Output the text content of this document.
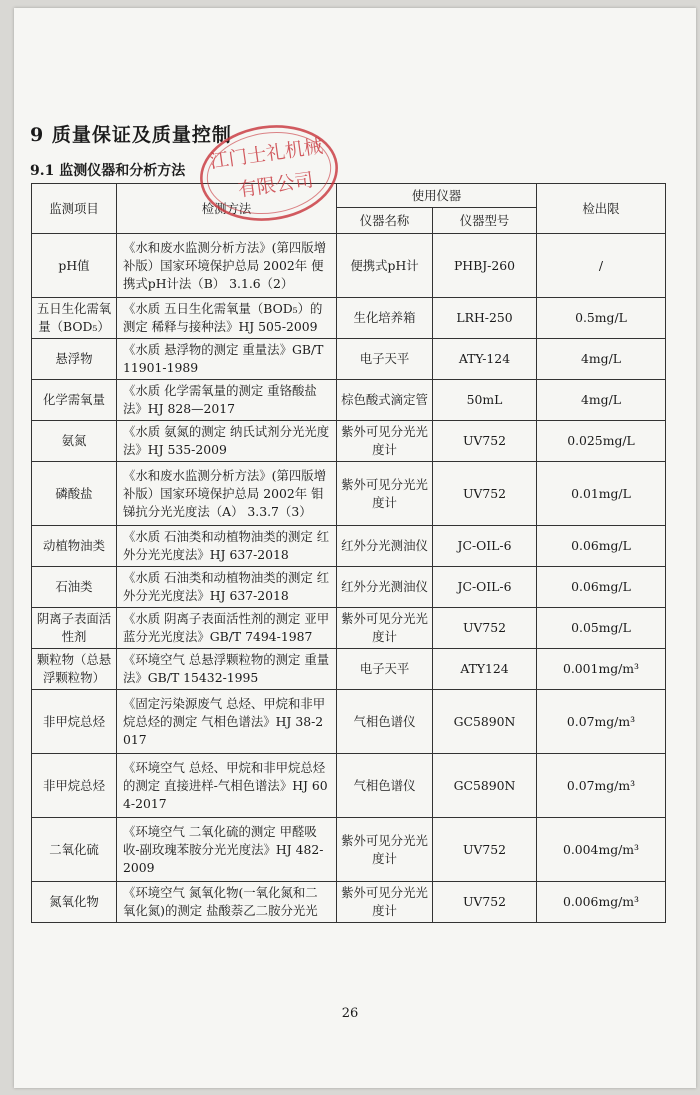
9 质量保证及质量控制
9.1 监测仪器和分析方法
监测项目	检测方法	使用仪器		检出限
		仪器名称	仪器型号	
pH值	《水和废水监测分析方法》(第四版增补版）国家环境保护总局 2002年 便携式pH计法（B） 3.1.6（2）	便携式pH计	PHBJ-260	/
五日生化需氧量（BOD₅）	《水质 五日生化需氧量（BOD₅）的测定 稀释与接种法》HJ 505-2009	生化培养箱	LRH-250	0.5mg/L
悬浮物	《水质 悬浮物的测定 重量法》GB/T 11901-1989	电子天平	ATY-124	4mg/L
化学需氧量	《水质 化学需氧量的测定 重铬酸盐法》HJ 828—2017	棕色酸式滴定管	50mL	4mg/L
氨氮	《水质 氨氮的测定 纳氏试剂分光光度法》HJ 535-2009	紫外可见分光光度计	UV752	0.025mg/L
磷酸盐	《水和废水监测分析方法》(第四版增补版）国家环境保护总局 2002年 钼锑抗分光光度法（A） 3.3.7（3）	紫外可见分光光度计	UV752	0.01mg/L
动植物油类	《水质 石油类和动植物油类的测定 红外分光光度法》HJ 637-2018	红外分光测油仪	JC-OIL-6	0.06mg/L
石油类	《水质 石油类和动植物油类的测定 红外分光光度法》HJ 637-2018	红外分光测油仪	JC-OIL-6	0.06mg/L
阴离子表面活性剂	《水质 阴离子表面活性剂的测定 亚甲蓝分光光度法》GB/T 7494-1987	紫外可见分光光度计	UV752	0.05mg/L
颗粒物（总悬浮颗粒物）	《环境空气 总悬浮颗粒物的测定 重量法》GB/T 15432-1995	电子天平	ATY124	0.001mg/m³
非甲烷总烃	《固定污染源废气 总烃、甲烷和非甲烷总烃的测定 气相色谱法》HJ 38-2017	气相色谱仪	GC5890N	0.07mg/m³
非甲烷总烃	《环境空气 总烃、甲烷和非甲烷总烃的测定 直接进样-气相色谱法》HJ 604-2017	气相色谱仪	GC5890N	0.07mg/m³
二氧化硫	《环境空气 二氧化硫的测定 甲醛吸收-副玫瑰苯胺分光光度法》HJ 482-2009	紫外可见分光光度计	UV752	0.004mg/m³
氮氧化物	《环境空气 氮氧化物(一氧化氮和二氧化氮)的测定 盐酸萘乙二胺分光光	紫外可见分光光度计	UV752	0.006mg/m³
江门士礼机械
有限公司
26
